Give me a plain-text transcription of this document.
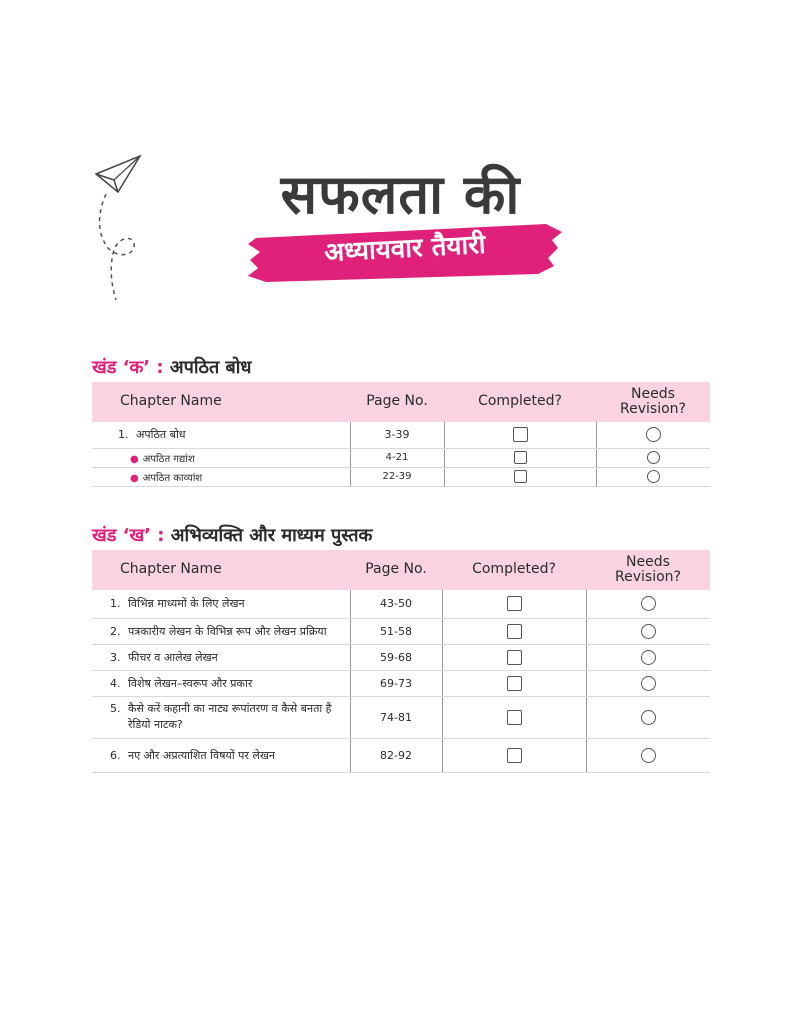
सफलता की
अध्यायवार तैयारी
खंड ‘क’ : अपठित बोध
Chapter Name	Page No.	Completed?	Needs
Revision?
1. अपठित बोध	3-39		
● अपठित गद्यांश	4-21		
● अपठित काव्यांश	22-39		
खंड ‘ख’ : अभिव्यक्ति और माध्यम पुस्तक
Chapter Name	Page No.	Completed?	Needs
Revision?
1. विभिन्न माध्यमों के लिए लेखन	43-50		
2. पत्रकारीय लेखन के विभिन्न रूप और लेखन प्रक्रिया	51-58		
3. फीचर व आलेख लेखन	59-68		
4. विशेष लेखन–स्वरूप और प्रकार	69-73		
5. कैसे करें कहानी का नाट्य रूपांतरण व कैसे बनता है
रेडियो नाटक?	74-81		
6. नए और अप्रत्याशित विषयों पर लेखन	82-92		
